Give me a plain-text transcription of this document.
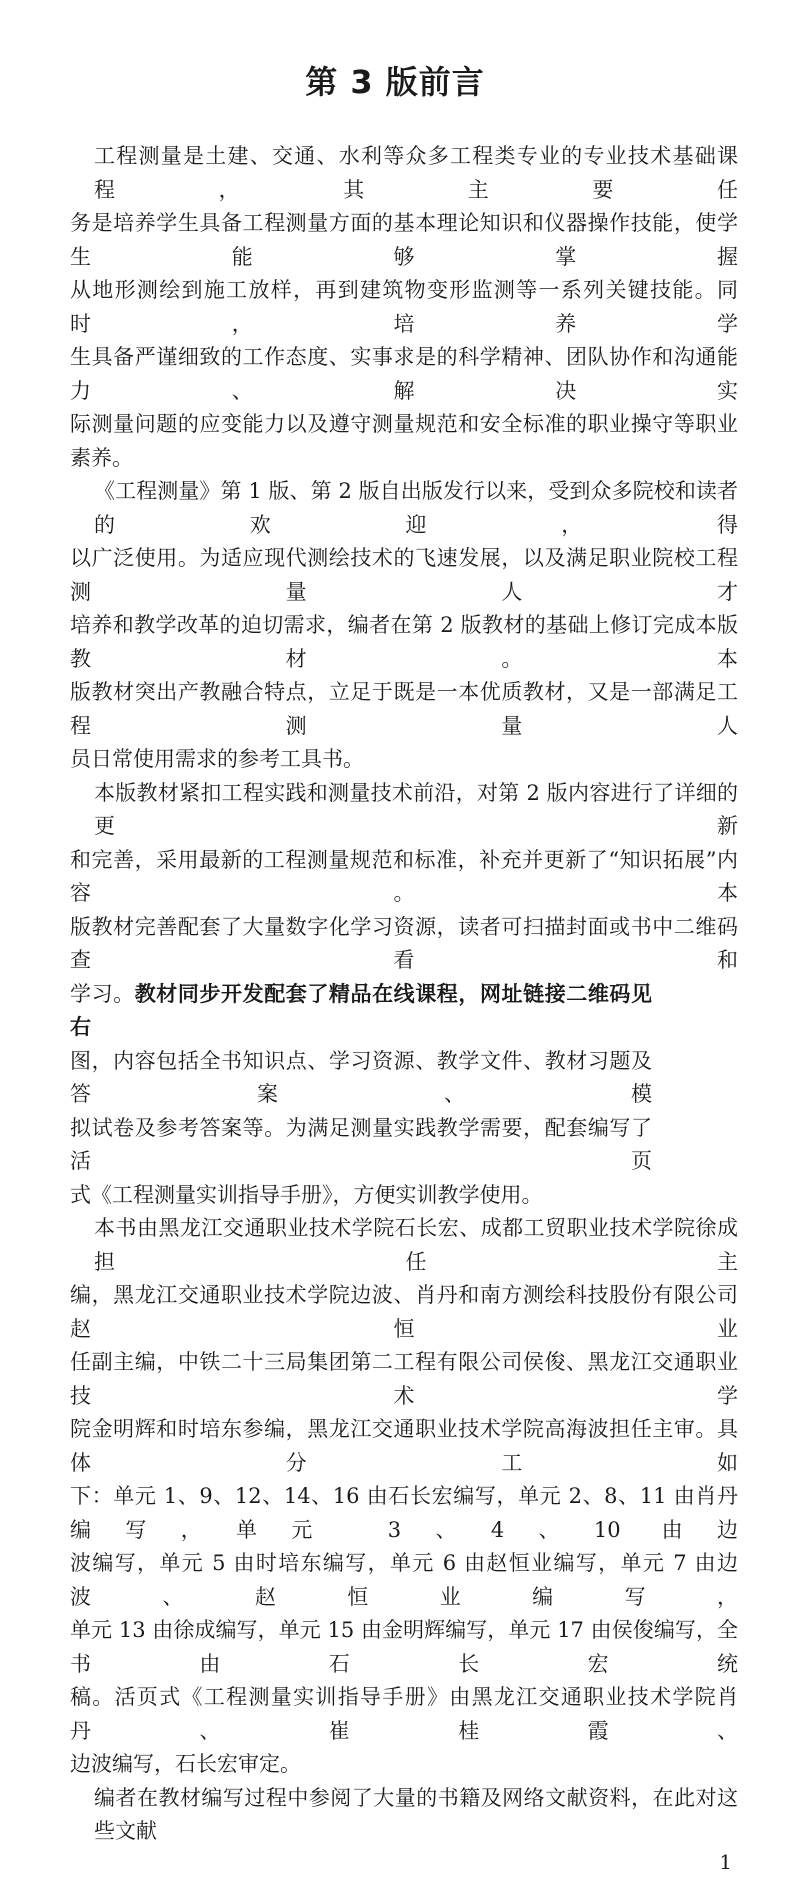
第 3 版前言
工程测量是土建、交通、水利等众多工程类专业的专业技术基础课程，其主要任
务是培养学生具备工程测量方面的基本理论知识和仪器操作技能，使学生能够掌握
从地形测绘到施工放样，再到建筑物变形监测等一系列关键技能。同时，培养学
生具备严谨细致的工作态度、实事求是的科学精神、团队协作和沟通能力、解决实
际测量问题的应变能力以及遵守测量规范和安全标准的职业操守等职业素养。
《工程测量》第 1 版、第 2 版自出版发行以来，受到众多院校和读者的欢迎，得
以广泛使用。为适应现代测绘技术的飞速发展，以及满足职业院校工程测量人才
培养和教学改革的迫切需求，编者在第 2 版教材的基础上修订完成本版教材。本
版教材突出产教融合特点，立足于既是一本优质教材，又是一部满足工程测量人
员日常使用需求的参考工具书。
本版教材紧扣工程实践和测量技术前沿，对第 2 版内容进行了详细的更新
和完善，采用最新的工程测量规范和标准，补充并更新了“知识拓展”内容。本
版教材完善配套了大量数字化学习资源，读者可扫描封面或书中二维码查看和
学习。教材同步开发配套了精品在线课程，网址链接二维码见右
图，内容包括全书知识点、学习资源、教学文件、教材习题及答案、模
拟试卷及参考答案等。为满足测量实践教学需要，配套编写了活页
式《工程测量实训指导手册》，方便实训教学使用。
本书由黑龙江交通职业技术学院石长宏、成都工贸职业技术学院徐成担任主
编，黑龙江交通职业技术学院边波、肖丹和南方测绘科技股份有限公司赵恒业
任副主编，中铁二十三局集团第二工程有限公司侯俊、黑龙江交通职业技术学
院金明辉和时培东参编，黑龙江交通职业技术学院高海波担任主审。具体分工如
下：单元 1、9、12、14、16 由石长宏编写，单元 2、8、11 由肖丹编写，单元 3、4、10 由边
波编写，单元 5 由时培东编写，单元 6 由赵恒业编写，单元 7 由边波、赵恒业编写，
单元 13 由徐成编写，单元 15 由金明辉编写，单元 17 由侯俊编写，全书由石长宏统
稿。活页式《工程测量实训指导手册》由黑龙江交通职业技术学院肖丹、崔桂霞、
边波编写，石长宏审定。
编者在教材编写过程中参阅了大量的书籍及网络文献资料，在此对这些文献
1
